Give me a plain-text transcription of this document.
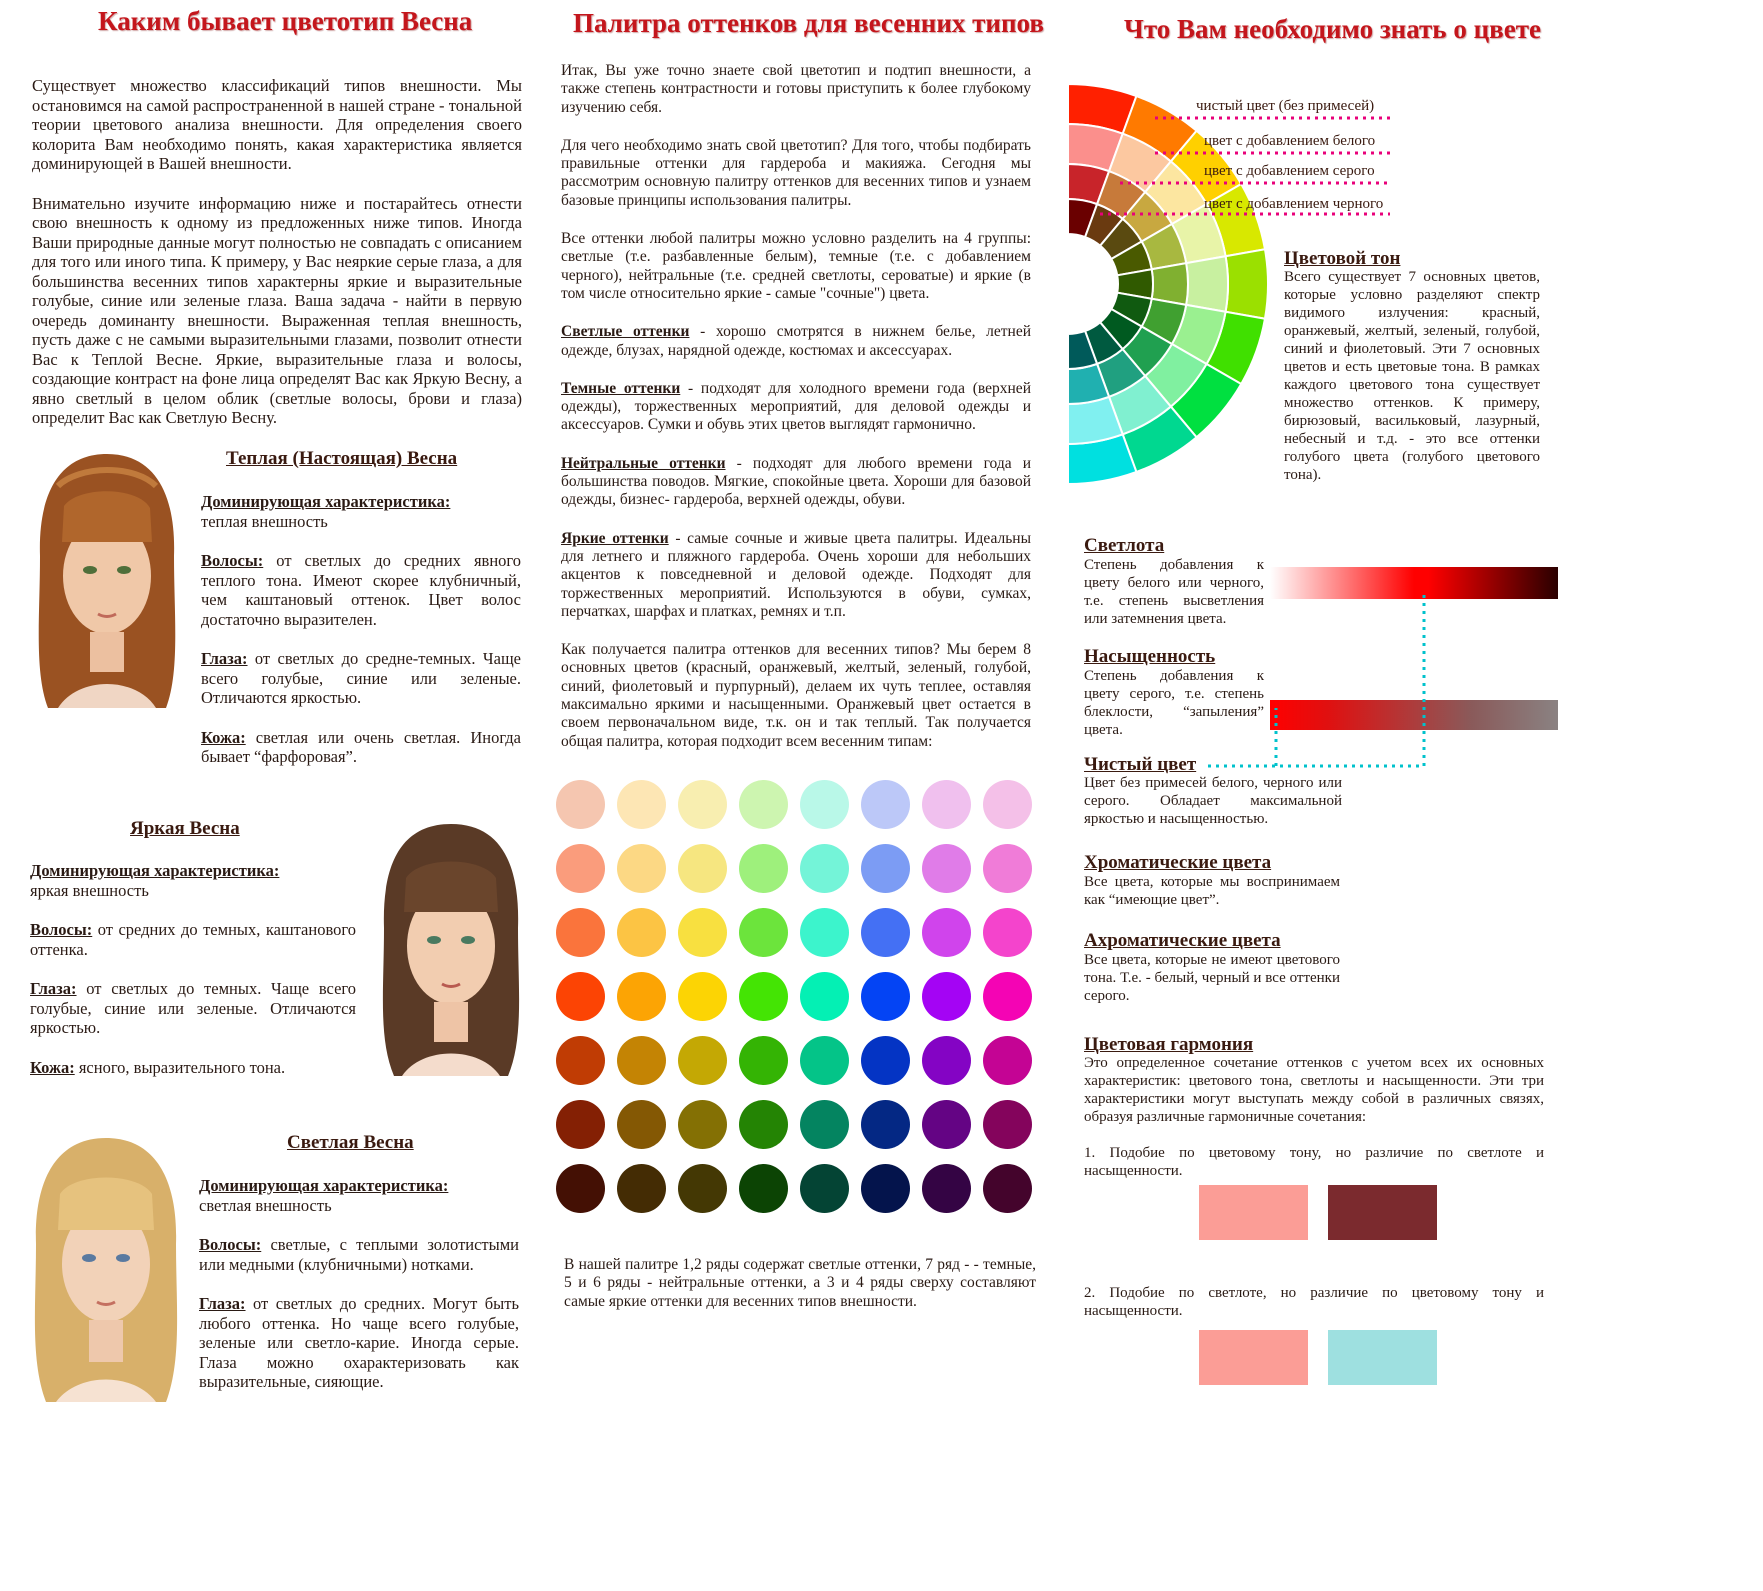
Каким бывает цветотип Весна

Существует множество классификаций типов внешности. Мы остановимся на самой распространенной в нашей стране - тональной теории цветового анализа внешности. Для определения своего колорита Вам необходимо понять, какая характеристика является доминирующей в Вашей внешности.

Внимательно изучите информацию ниже и постарайтесь отнести свою внешность к одному из предложенных ниже типов. Иногда Ваши природные данные могут полностью не совпадать с описанием для того или иного типа. К примеру, у Вас неяркие серые глаза, а для большинства весенних типов характерны яркие и выразительные голубые, синие или зеленые глаза. Ваша задача - найти в первую очередь доминанту внешности. Выраженная теплая внешность, пусть даже с не самыми выразительными глазами, позволит отнести Вас к Теплой Весне. Яркие, выразительные глаза и волосы, создающие контраст на фоне лица определят Вас как Яркую Весну, а явно светлый в целом облик (светлые волосы, брови и глаза) определит Вас как Светлую Весну.

Теплая (Настоящая) Весна

Доминирующая характеристика:
теплая внешность

Волосы: от светлых до средних явного теплого тона. Имеют скорее клубничный, чем каштановый оттенок. Цвет волос достаточно выразителен.

Глаза: от светлых до средне-темных. Чаще всего голубые, синие или зеленые. Отличаются яркостью.

Кожа: светлая или очень светлая. Иногда бывает “фарфоровая”.

Яркая Весна

Доминирующая характеристика:
яркая внешность

Волосы: от средних до темных, каштанового оттенка.

Глаза: от светлых до темных. Чаще всего голубые, синие или зеленые. Отличаются яркостью.

Кожа: ясного, выразительного тона.

Светлая Весна

Доминирующая характеристика:
светлая внешность

Волосы: светлые, с теплыми золотистыми или медными (клубничными) нотками.

Глаза: от светлых до средних. Могут быть любого оттенка. Но чаще всего голубые, зеленые или светло-карие. Иногда серые. Глаза можно охарактеризовать как выразительные, сияющие.

Палитра оттенков для весенних типов

Итак, Вы уже точно знаете свой цветотип и подтип внешности, а также степень контрастности и готовы приступить к более глубокому изучению себя.

Для чего необходимо знать свой цветотип? Для того, чтобы подбирать правильные оттенки для гардероба и макияжа. Сегодня мы рассмотрим основную палитру оттенков для весенних типов и узнаем базовые принципы использования палитры.

Все оттенки любой палитры можно условно разделить на 4 группы: светлые (т.е. разбавленные белым), темные (т.е. с добавлением черного), нейтральные (т.е. средней светлоты, сероватые) и яркие (в том числе относительно яркие - самые "сочные") цвета.

Светлые оттенки - хорошо смотрятся в нижнем белье, летней одежде, блузах, нарядной одежде, костюмах и аксессуарах.

Темные оттенки - подходят для холодного времени года (верхней одежды), торжественных мероприятий, для деловой одежды и аксессуаров. Сумки и обувь этих цветов выглядят гармонично.

Нейтральные оттенки - подходят для любого времени года и большинства поводов. Мягкие, спокойные цвета. Хороши для базовой одежды, бизнес- гардероба, верхней одежды, обуви.

Яркие оттенки - самые сочные и живые цвета палитры. Идеальны для летнего и пляжного гардероба. Очень хороши для небольших акцентов к повседневной и деловой одежде. Подходят для торжественных мероприятий. Используются в обуви, сумках, перчатках, шарфах и платках, ремнях и т.п.

Как получается палитра оттенков для весенних типов? Мы берем 8 основных цветов (красный, оранжевый, желтый, зеленый, голубой, синий, фиолетовый и пурпурный), делаем их чуть теплее, оставляя максимально яркими и насыщенными. Оранжевый цвет остается в своем первоначальном виде, т.к. он и так теплый. Так получается общая палитра, которая подходит всем весенним типам:

В нашей палитре 1,2 ряды содержат светлые оттенки, 7 ряд - - темные, 5 и 6 ряды - нейтральные оттенки, а 3 и 4 ряды сверху составляют самые яркие оттенки для весенних типов внешности.
Что Вам необходимо знать о цвете
чистый цвет (без примесей)
цвет с добавлением белого
цвет с добавлением серого
цвет с добавлением черного
Цветовой тон
Всего существует 7 основных цветов, которые условно разделяют спектр видимого излучения: красный, оранжевый, желтый, зеленый, голубой, синий и фиолетовый. Эти 7 основных цветов и есть цветовые тона. В рамках каждого цветового тона существует множество оттенков. К примеру, бирюзовый, васильковый, лазурный, небесный и т.д. - это все оттенки голубого цвета (голубого цветового тона).
Светлота
Степень добавления к цвету белого или черного, т.е. степень высветления или затемнения цвета.
Насыщенность
Степень добавления к цвету серого, т.е. степень блеклости, “запыления” цвета.
Чистый цвет
Цвет без примесей белого, черного или серого. Обладает максимальной яркостью и насыщенностью.
Хроматические цвета
Все цвета, которые мы воспринимаем как “имеющие цвет”.
Ахроматические цвета
Все цвета, которые не имеют цветового тона. Т.е. - белый, черный и все оттенки серого.
Цветовая гармония
Это определенное сочетание оттенков с учетом всех их основных характеристик: цветового тона, светлоты и насыщенности. Эти три характеристики могут выступать между собой в различных связях, образуя различные гармоничные сочетания:
1. Подобие по цветовому тону, но различие по светлоте и насыщенности.
2. Подобие по светлоте, но различие по цветовому тону и насыщенности.
